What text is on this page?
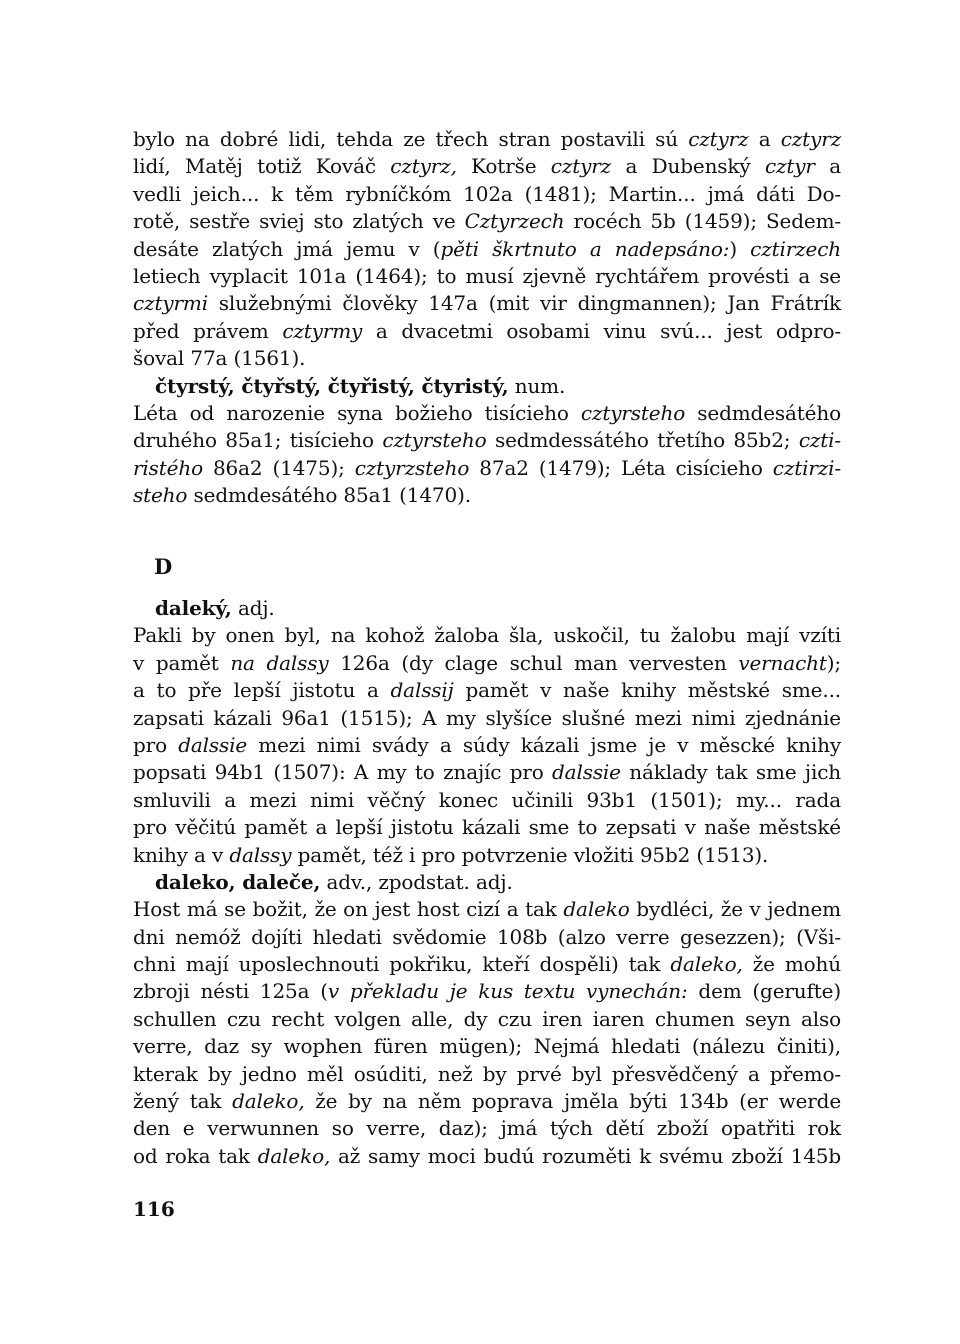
bylo na dobré lidi, tehda ze třech stran postavili sú cztyrz a cztyrz
lidí, Matěj totiž Kováč cztyrz, Kotrše cztyrz a Dubenský cztyr a
vedli jeich... k těm rybníčkóm 102a (1481); Martin... jmá dáti Do-
rotě, sestře sviej sto zlatých ve Cztyrzech rocéch 5b (1459); Sedem-
desáte zlatých jmá jemu v (pěti škrtnuto a nadepsáno:) cztirzech
letiech vyplacit 101a (1464); to musí zjevně rychtářem provésti a se
cztyrmi služebnými člověky 147a (mit vir dingmannen); Jan Frátrík
před právem cztyrmy a dvacetmi osobami vinu svú... jest odpro-
šoval 77a (1561).
čtyrstý, čtyřstý, čtyřistý, čtyristý, num.
Léta od narozenie syna božieho tisícieho cztyrsteho sedmdesátého
druhého 85a1; tisícieho cztyrsteho sedmdessátého třetího 85b2; czti-
ristého 86a2 (1475); cztyrzsteho 87a2 (1479); Léta cisícieho cztirzi-
steho sedmdesátého 85a1 (1470).
D
daleký, adj.
Pakli by onen byl, na kohož žaloba šla, uskočil, tu žalobu mají vzíti
v pamět na dalssy 126a (dy clage schul man vervesten vernacht);
a to pře lepší jistotu a dalssij pamět v naše knihy městské sme...
zapsati kázali 96a1 (1515); A my slyšíce slušné mezi nimi zjednánie
pro dalssie mezi nimi svády a súdy kázali jsme je v měscké knihy
popsati 94b1 (1507): A my to znajíc pro dalssie náklady tak sme jich
smluvili a mezi nimi věčný konec učinili 93b1 (1501); my... rada
pro věčitú pamět a lepší jistotu kázali sme to zepsati v naše městské
knihy a v dalssy pamět, též i pro potvrzenie vložiti 95b2 (1513).
daleko, daleče, adv., zpodstat. adj.
Host má se božit, že on jest host cizí a tak daleko bydléci, že v jednem
dni nemóž dojíti hledati svědomie 108b (alzo verre gesezzen); (Vši-
chni mají uposlechnouti pokřiku, kteří dospěli) tak daleko, že mohú
zbroji nésti 125a (v překladu je kus textu vynechán: dem (gerufte)
schullen czu recht volgen alle, dy czu iren iaren chumen seyn also
verre, daz sy wophen füren mügen); Nejmá hledati (nálezu činiti),
kterak by jedno měl osúditi, než by prvé byl přesvědčený a přemo-
žený tak daleko, že by na něm poprava jměla býti 134b (er werde
den e verwunnen so verre, daz); jmá tých dětí zboží opatřiti rok
od roka tak daleko, až samy moci budú rozuměti k svému zboží 145b
116
